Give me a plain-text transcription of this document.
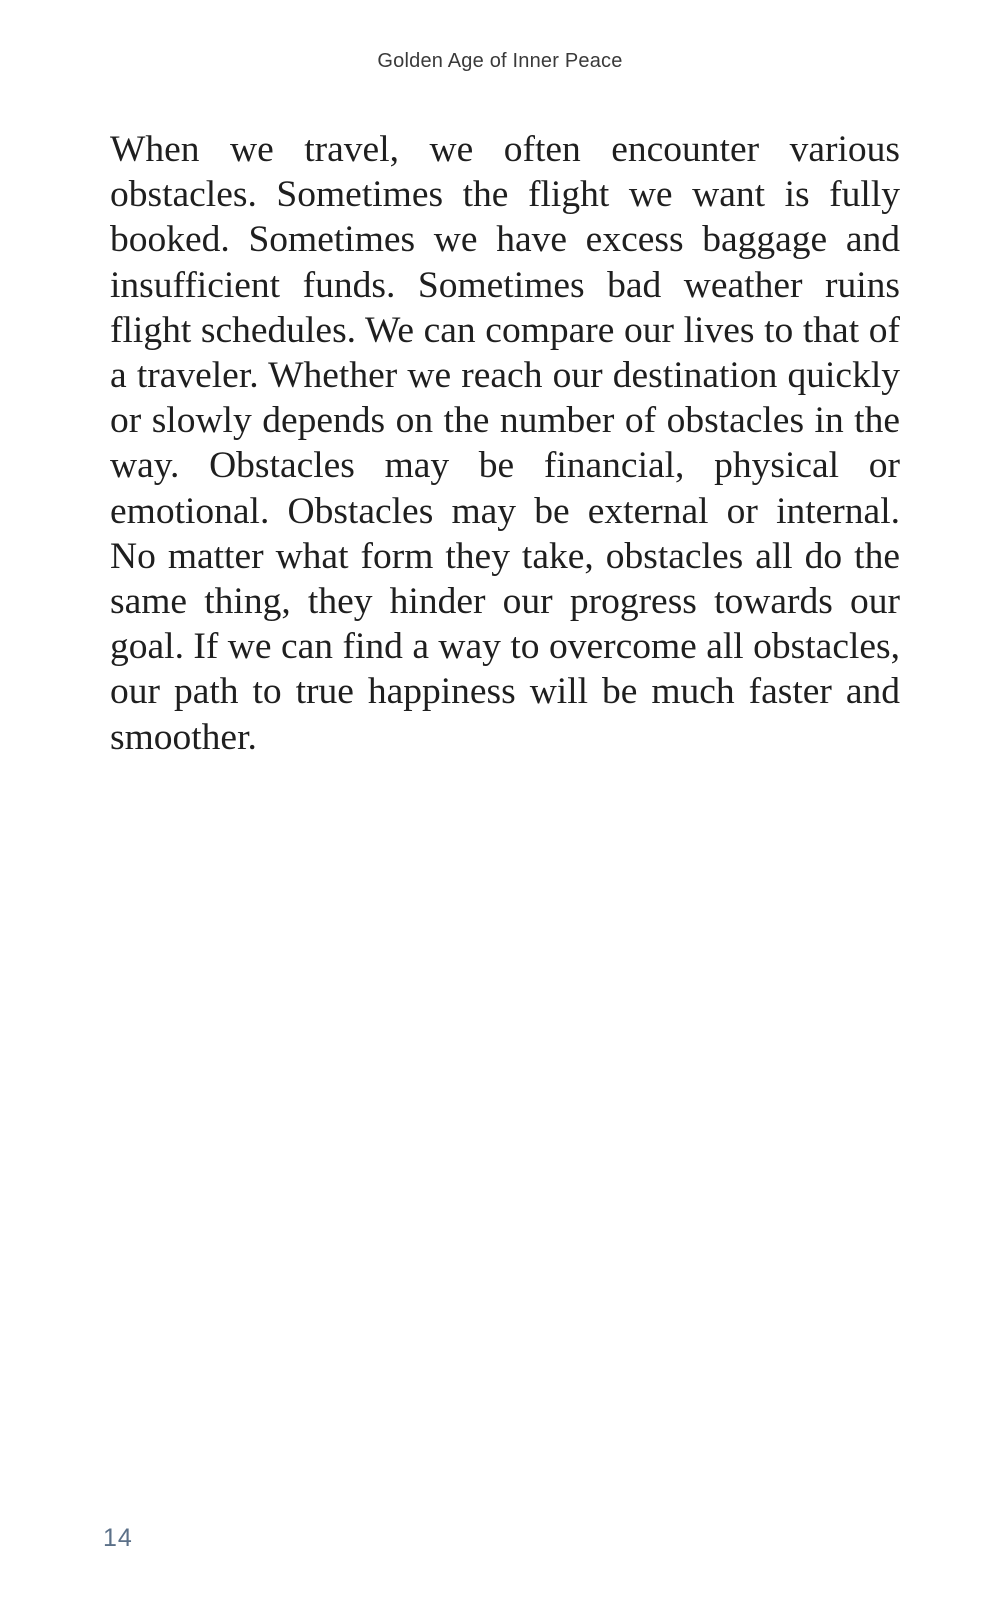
Golden Age of Inner Peace

When we travel, we often encounter various obstacles. Sometimes the flight we want is fully booked. Sometimes we have excess baggage and insufficient funds. Sometimes bad weather ruins flight schedules. We can compare our lives to that of a traveler. Whether we reach our destination quickly or slowly depends on the number of obstacles in the way. Obstacles may be financial, physical or emotional. Obstacles may be external or internal. No matter what form they take, obstacles all do the same thing, they hinder our progress towards our goal. If we can find a way to overcome all obstacles, our path to true happiness will be much faster and smoother.

14
